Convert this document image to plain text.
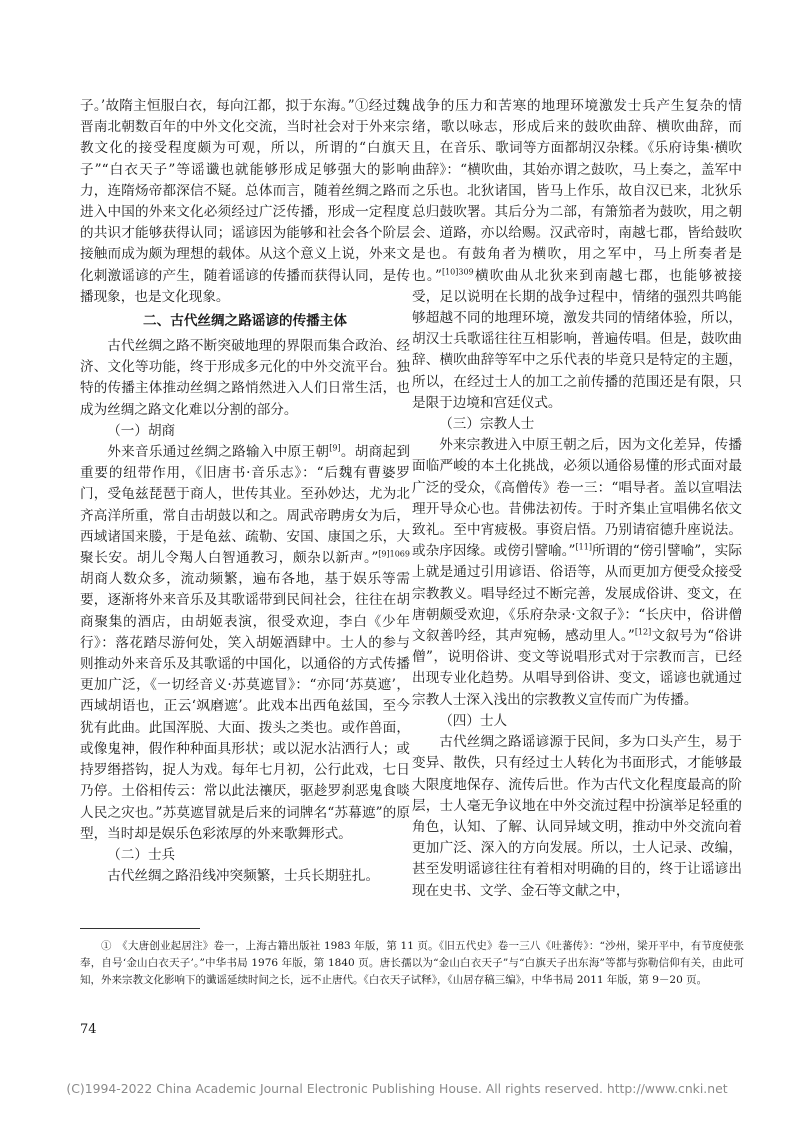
子。’故隋主恒服白衣，每向江都，拟于东海。”①经过魏晋南北朝数百年的中外文化交流，当时社会对于外来宗教文化的接受程度颇为可观，所以，所谓的“白旗天子”“白衣天子”等谣谶也就能够形成足够强大的影响力，连隋炀帝都深信不疑。总体而言，随着丝绸之路而进入中国的外来文化必须经过广泛传播，形成一定程度的共识才能够获得认同；谣谚因为能够和社会各个阶层接触而成为颇为理想的载体。从这个意义上说，外来文化刺激谣谚的产生，随着谣谚的传播而获得认同，是传播现象，也是文化现象。

二、古代丝绸之路谣谚的传播主体

古代丝绸之路不断突破地理的界限而集合政治、经济、文化等功能，终于形成多元化的中外交流平台。独特的传播主体推动丝绸之路悄然进入人们日常生活，也成为丝绸之路文化难以分割的部分。

（一）胡商

外来音乐通过丝绸之路输入中原王朝[9]。胡商起到重要的纽带作用，《旧唐书·音乐志》：“后魏有曹婆罗门，受龟兹琵琶于商人，世传其业。至孙妙达，尤为北齐高洋所重，常自击胡鼓以和之。周武帝聘虏女为后，西域诸国来媵，于是龟兹、疏勒、安国、康国之乐，大聚长安。胡儿令羯人白智通教习，颇杂以新声。”$^{[9]1069}$胡商人数众多，流动频繁，遍布各地，基于娱乐等需要，逐渐将外来音乐及其歌谣带到民间社会，往往在胡商聚集的酒店，由胡姬表演，很受欢迎，李白《少年行》：落花踏尽游何处，笑入胡姬酒肆中。士人的参与则推动外来音乐及其歌谣的中国化，以通俗的方式传播更加广泛，《一切经音义·苏莫遮冒》：“亦同‘苏莫遮’，西域胡语也，正云‘飒磨遮’。此戏本出西龟兹国，至今犹有此曲。此国浑脱、大面、拨头之类也。或作兽面，或像鬼神，假作种种面具形状；或以泥水沾洒行人；或持罗缗搭钩，捉人为戏。每年七月初，公行此戏，七日乃停。土俗相传云：常以此法禳厌，驱趁罗刹恶鬼食啖人民之灾也。”苏莫遮冒就是后来的词牌名“苏幕遮”的原型，当时却是娱乐色彩浓厚的外来歌舞形式。

（二）士兵

古代丝绸之路沿线冲突频繁，士兵长期驻扎。

战争的压力和苦寒的地理环境激发士兵产生复杂的情绪，歌以咏志，形成后来的鼓吹曲辞、横吹曲辞，而且，在音乐、歌词等方面都胡汉杂糅。《乐府诗集·横吹曲辞》：“横吹曲，其始亦谓之鼓吹，马上奏之，盖军中之乐也。北狄诸国，皆马上作乐，故自汉已来，北狄乐总归鼓吹署。其后分为二部，有箫笳者为鼓吹，用之朝会、道路，亦以给赐。汉武帝时，南越七郡，皆给鼓吹是也。有鼓角者为横吹，用之军中，马上所奏者是也。”$^{[10]309}$横吹曲从北狄来到南越七郡，也能够被接受，足以说明在长期的战争过程中，情绪的强烈共鸣能够超越不同的地理环境，激发共同的情绪体验，所以，胡汉士兵歌谣往往互相影响，普遍传唱。但是，鼓吹曲辞、横吹曲辞等军中之乐代表的毕竟只是特定的主题，所以，在经过士人的加工之前传播的范围还是有限，只是限于边境和宫廷仪式。

（三）宗教人士

外来宗教进入中原王朝之后，因为文化差异，传播面临严峻的本土化挑战，必须以通俗易懂的形式面对最广泛的受众，《高僧传》卷一三：“唱导者。盖以宣唱法理开导众心也。昔佛法初传。于时齐集止宣唱佛名依文致礼。至中宵疲极。事资启悟。乃别请宿德升座说法。或杂序因缘。或傍引譬喻。”[11]所谓的“傍引譬喻”，实际上就是通过引用谚语、俗语等，从而更加方便受众接受宗教教义。唱导经过不断完善，发展成俗讲、变文，在唐朝颇受欢迎，《乐府杂录·文叙子》：“长庆中，俗讲僧文叙善吟经，其声宛畅，感动里人。”[12]文叙号为“俗讲僧”，说明俗讲、变文等说唱形式对于宗教而言，已经出现专业化趋势。从唱导到俗讲、变文，谣谚也就通过宗教人士深入浅出的宗教教义宣传而广为传播。

（四）士人

古代丝绸之路谣谚源于民间，多为口头产生，易于变异、散佚，只有经过士人转化为书面形式，才能够最大限度地保存、流传后世。作为古代文化程度最高的阶层，士人毫无争议地在中外交流过程中扮演举足轻重的角色，认知、了解、认同异域文明，推动中外交流向着更加广泛、深入的方向发展。所以，士人记录、改编，甚至发明谣谚往往有着相对明确的目的，终于让谣谚出现在史书、文学、金石等文献之中，

①　《大唐创业起居注》卷一，上海古籍出版社 1983 年版，第 11 页。《旧五代史》卷一三八《吐蕃传》：“沙州，梁开平中，有节度使张奉，自号‘金山白衣天子’。”中华书局 1976 年版，第 1840 页。唐长孺以为“金山白衣天子”与“白旗天子出东海”等都与弥勒信仰有关，由此可知，外来宗教文化影响下的谶谣延续时间之长，远不止唐代。《白衣天子试释》，《山居存稿三编》，中华书局 2011 年版，第 9－20 页。
74
(C)1994-2022 China Academic Journal Electronic Publishing House. All rights reserved. http://www.cnki.net
